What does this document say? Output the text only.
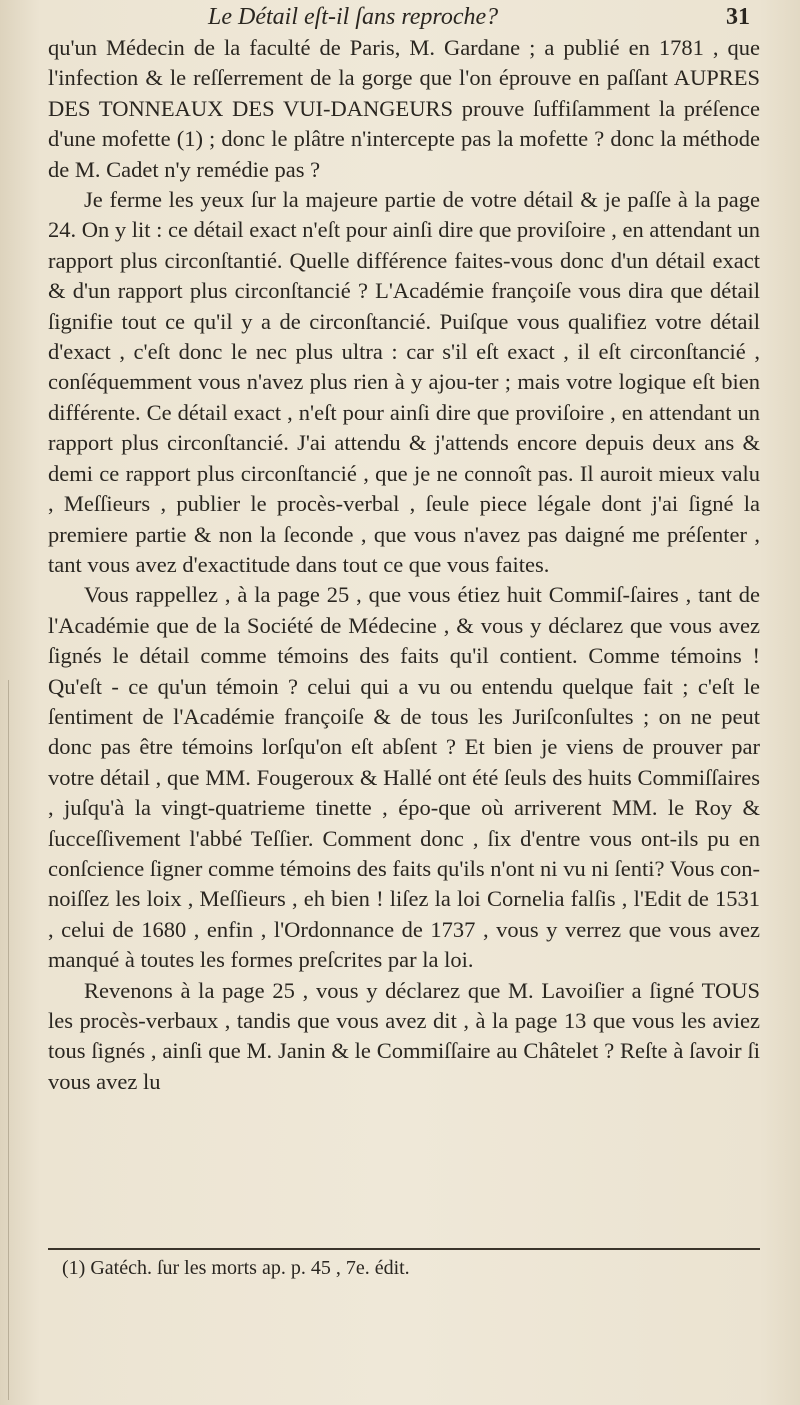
Le Détail eſt-il ſans reproche?	31

qu'un Médecin de la faculté de Paris, M. Gardane ; a publié en 1781 , que l'infection & le reſſerrement de la gorge que l'on éprouve en paſſant AUPRES DES TONNEAUX DES VUI-DANGEURS prouve ſuffiſamment la préſence d'une mofette (1) ; donc le plâtre n'intercepte pas la mofette ? donc la méthode de M. Cadet n'y remédie pas ?

Je ferme les yeux ſur la majeure partie de votre détail & je paſſe à la page 24. On y lit : ce détail exact n'eſt pour ainſi dire que proviſoire , en attendant un rapport plus circonſtantié. Quelle différence faites-vous donc d'un détail exact & d'un rapport plus circonſtancié ? L'Académie françoiſe vous dira que détail ſignifie tout ce qu'il y a de circonſtancié. Puiſque vous qualifiez votre détail d'exact , c'eſt donc le nec plus ultra : car s'il eſt exact , il eſt circonſtancié , conſéquemment vous n'avez plus rien à y ajou-ter ; mais votre logique eſt bien différente. Ce détail exact , n'eſt pour ainſi dire que proviſoire , en attendant un rapport plus circonſtancié. J'ai attendu & j'attends encore depuis deux ans & demi ce rapport plus circonſtancié , que je ne connoît pas. Il auroit mieux valu , Meſſieurs , publier le procès-verbal , ſeule piece légale dont j'ai ſigné la premiere partie & non la ſeconde , que vous n'avez pas daigné me préſenter , tant vous avez d'exactitude dans tout ce que vous faites.

Vous rappellez , à la page 25 , que vous étiez huit Commiſ-ſaires , tant de l'Académie que de la Société de Médecine , & vous y déclarez que vous avez ſignés le détail comme témoins des faits qu'il contient. Comme témoins ! Qu'eſt - ce qu'un témoin ? celui qui a vu ou entendu quelque fait ; c'eſt le ſentiment de l'Académie françoiſe & de tous les Juriſconſultes ; on ne peut donc pas être témoins lorſqu'on eſt abſent ? Et bien je viens de prouver par votre détail , que MM. Fougeroux & Hallé ont été ſeuls des huits Commiſſaires , juſqu'à la vingt-quatrieme tinette , épo-que où arriverent MM. le Roy & ſucceſſivement l'abbé Teſſier. Comment donc , ſix d'entre vous ont-ils pu en conſcience ſigner comme témoins des faits qu'ils n'ont ni vu ni ſenti? Vous con-noiſſez les loix , Meſſieurs , eh bien ! liſez la loi Cornelia falſis , l'Edit de 1531 , celui de 1680 , enfin , l'Ordonnance de 1737 , vous y verrez que vous avez manqué à toutes les formes preſcrites par la loi.

Revenons à la page 25 , vous y déclarez que M. Lavoiſier a ſigné TOUS les procès-verbaux , tandis que vous avez dit , à la page 13 que vous les aviez tous ſignés , ainſi que M. Janin & le Commiſſaire au Châtelet ? Reſte à ſavoir ſi vous avez lu

(1) Gatéch. ſur les morts ap. p. 45 , 7e. édit.
